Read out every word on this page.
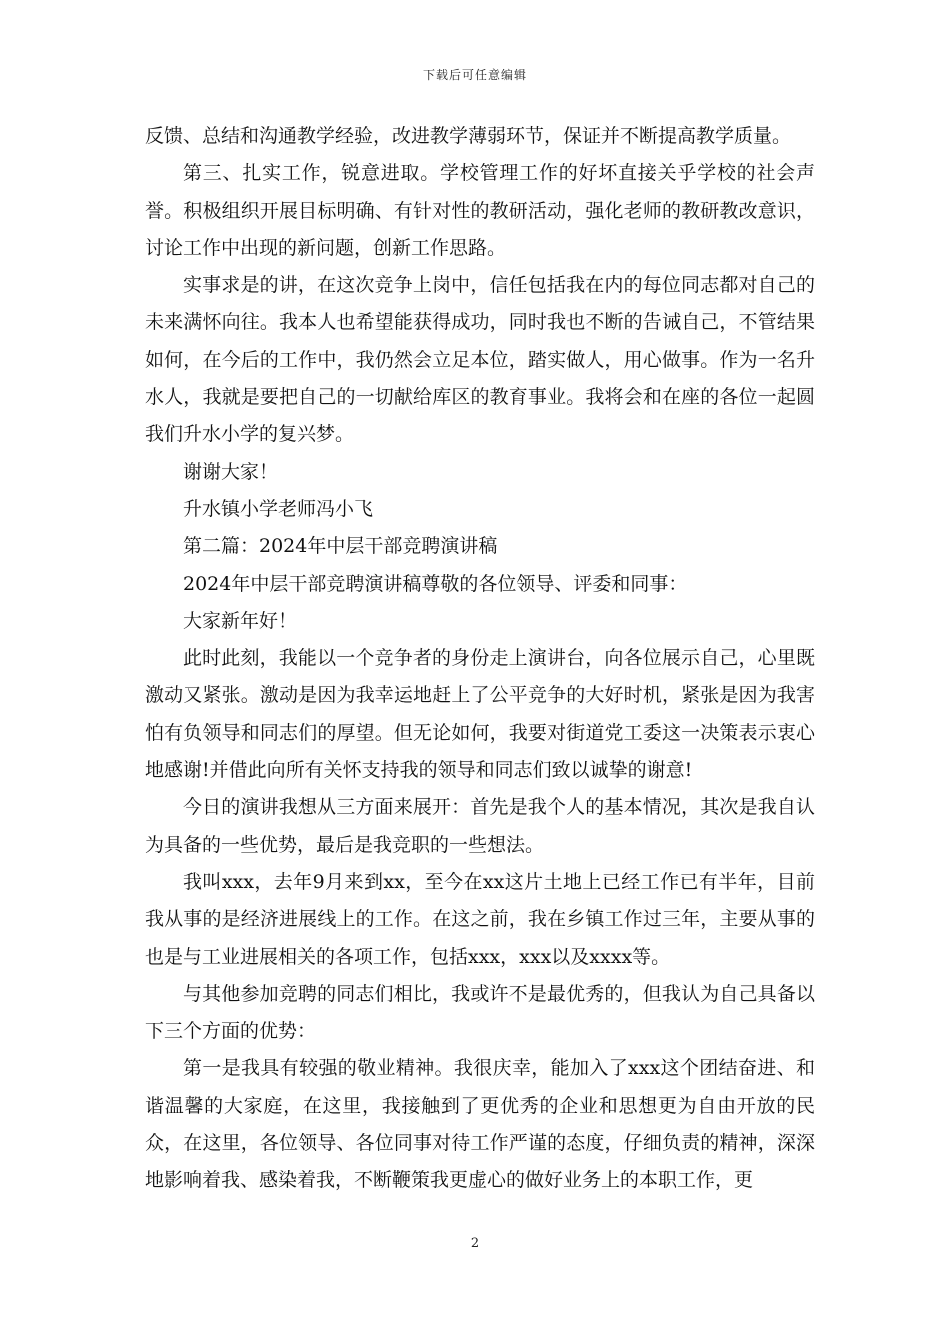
下载后可任意编辑

反馈、总结和沟通教学经验，改进教学薄弱环节，保证并不断提高教学质量。

第三、扎实工作，锐意进取。学校管理工作的好坏直接关乎学校的社会声誉。积极组织开展目标明确、有针对性的教研活动，强化老师的教研教改意识，讨论工作中出现的新问题，创新工作思路。

实事求是的讲，在这次竞争上岗中，信任包括我在内的每位同志都对自己的未来满怀向往。我本人也希望能获得成功，同时我也不断的告诫自己，不管结果如何，在今后的工作中，我仍然会立足本位，踏实做人，用心做事。作为一名升水人，我就是要把自己的一切献给库区的教育事业。我将会和在座的各位一起圆我们升水小学的复兴梦。

谢谢大家！

升水镇小学老师冯小飞

第二篇：2024年中层干部竞聘演讲稿

2024年中层干部竞聘演讲稿尊敬的各位领导、评委和同事：

大家新年好！

此时此刻，我能以一个竞争者的身份走上演讲台，向各位展示自己，心里既激动又紧张。激动是因为我幸运地赶上了公平竞争的大好时机，紧张是因为我害怕有负领导和同志们的厚望。但无论如何，我要对街道党工委这一决策表示衷心地感谢!并借此向所有关怀支持我的领导和同志们致以诚挚的谢意!

今日的演讲我想从三方面来展开：首先是我个人的基本情况，其次是我自认为具备的一些优势，最后是我竞职的一些想法。

我叫xxx，去年9月来到xx，至今在xx这片土地上已经工作已有半年，目前我从事的是经济进展线上的工作。在这之前，我在乡镇工作过三年，主要从事的也是与工业进展相关的各项工作，包括xxx，xxx以及xxxx等。

与其他参加竞聘的同志们相比，我或许不是最优秀的，但我认为自己具备以下三个方面的优势：

第一是我具有较强的敬业精神。我很庆幸，能加入了xxx这个团结奋进、和谐温馨的大家庭，在这里，我接触到了更优秀的企业和思想更为自由开放的民众，在这里，各位领导、各位同事对待工作严谨的态度，仔细负责的精神，深深地影响着我、感染着我，不断鞭策我更虚心的做好业务上的本职工作，更

2
